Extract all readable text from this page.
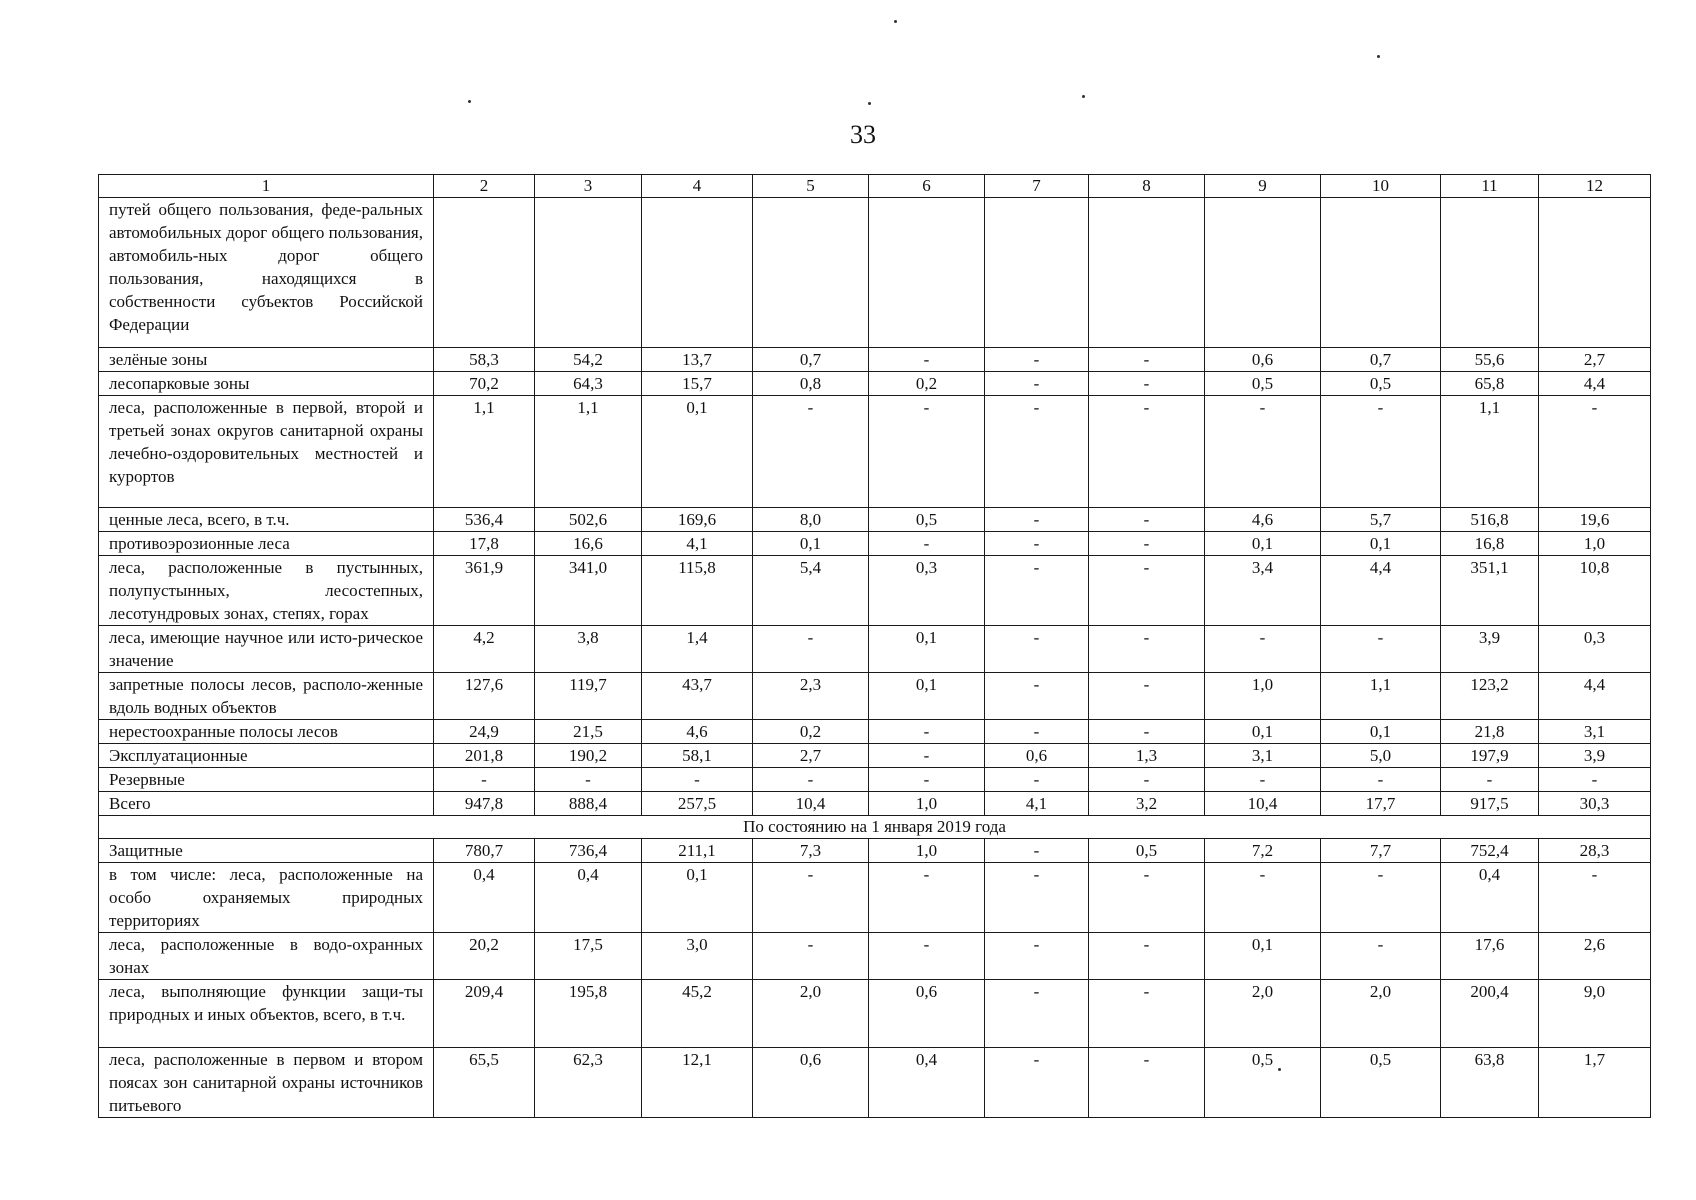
33
1	2	3	4	5	6	7	8	9	10	11	12
путей общего пользования, феде-ральных автомобильных дорог общего пользования, автомобиль-ных дорог общего пользования, находящихся в собственности субъектов Российской Федерации											
зелёные зоны	58,3	54,2	13,7	0,7	-	-	-	0,6	0,7	55,6	2,7
лесопарковые зоны	70,2	64,3	15,7	0,8	0,2	-	-	0,5	0,5	65,8	4,4
леса, расположенные в первой, второй и третьей зонах округов санитарной охраны лечебно-оздоровительных местностей и курортов	1,1	1,1	0,1	-	-	-	-	-	-	1,1	-
ценные леса, всего, в т.ч.	536,4	502,6	169,6	8,0	0,5	-	-	4,6	5,7	516,8	19,6
противоэрозионные леса	17,8	16,6	4,1	0,1	-	-	-	0,1	0,1	16,8	1,0
леса, расположенные в пустынных, полупустынных, лесостепных, лесотундровых зонах, степях, горах	361,9	341,0	115,8	5,4	0,3	-	-	3,4	4,4	351,1	10,8
леса, имеющие научное или исто-рическое значение	4,2	3,8	1,4	-	0,1	-	-	-	-	3,9	0,3
запретные полосы лесов, располо-женные вдоль водных объектов	127,6	119,7	43,7	2,3	0,1	-	-	1,0	1,1	123,2	4,4
нерестоохранные полосы лесов	24,9	21,5	4,6	0,2	-	-	-	0,1	0,1	21,8	3,1
Эксплуатационные	201,8	190,2	58,1	2,7	-	0,6	1,3	3,1	5,0	197,9	3,9
Резервные	-	-	-	-	-	-	-	-	-	-	-
Всего	947,8	888,4	257,5	10,4	1,0	4,1	3,2	10,4	17,7	917,5	30,3
По состоянию на 1 января 2019 года											
Защитные	780,7	736,4	211,1	7,3	1,0	-	0,5	7,2	7,7	752,4	28,3
в том числе: леса, расположенные на особо охраняемых природных территориях	0,4	0,4	0,1	-	-	-	-	-	-	0,4	-
леса, расположенные в водо-охранных зонах	20,2	17,5	3,0	-	-	-	-	0,1	-	17,6	2,6
леса, выполняющие функции защи-ты природных и иных объектов, всего, в т.ч.	209,4	195,8	45,2	2,0	0,6	-	-	2,0	2,0	200,4	9,0
леса, расположенные в первом и втором поясах зон санитарной охраны источников питьевого	65,5	62,3	12,1	0,6	0,4	-	-	0,5	0,5	63,8	1,7
